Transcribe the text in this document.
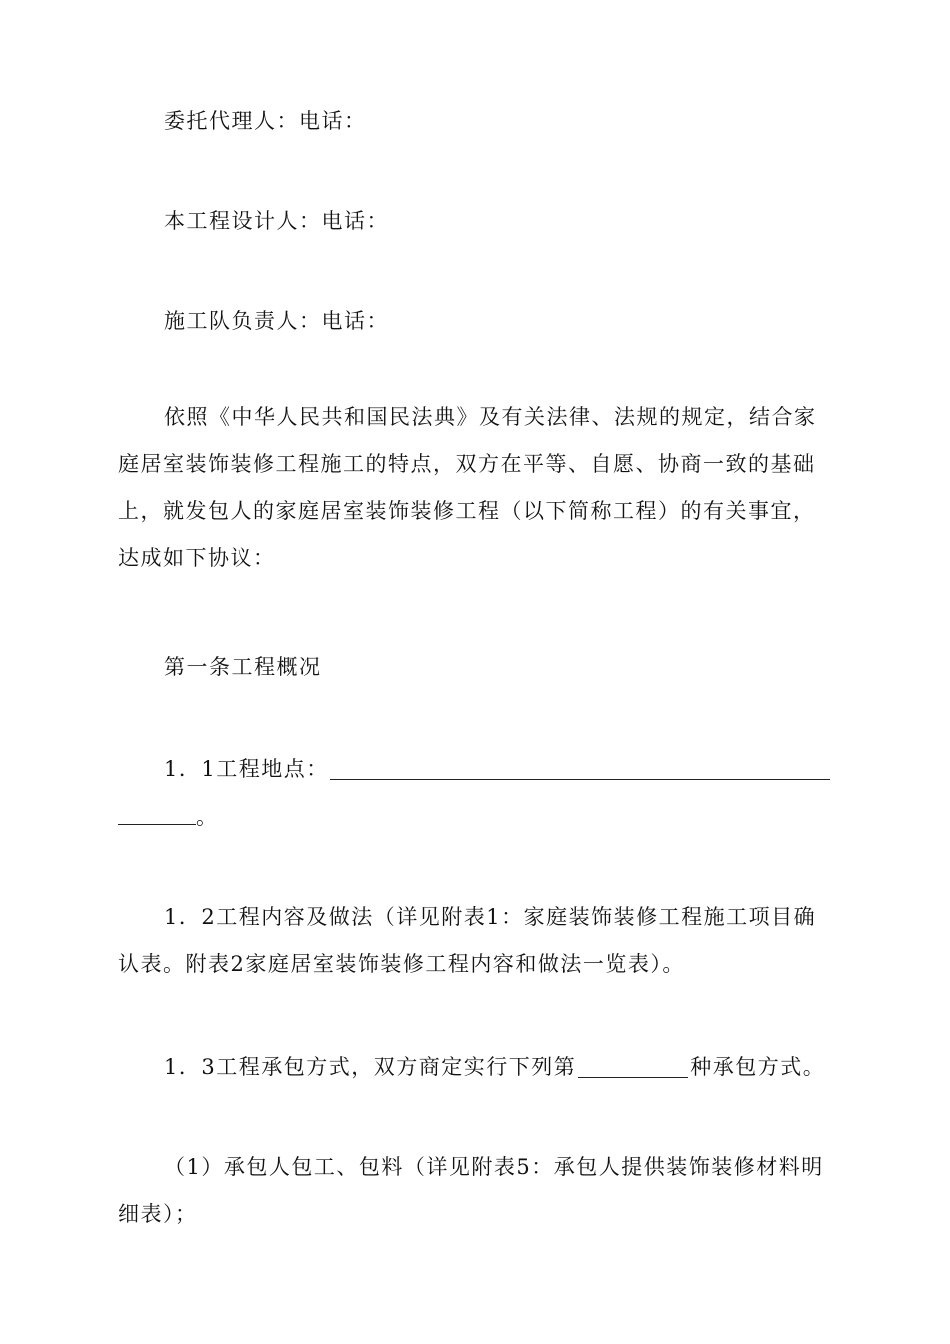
委托代理人：电话：
本工程设计人：电话：
施工队负责人：电话：
依照《中华人民共和国民法典》及有关法律、法规的规定，结合家庭居室装饰装修工程施工的特点，双方在平等、自愿、协商一致的基础上，就发包人的家庭居室装饰装修工程（以下简称工程）的有关事宜，达成如下协议：
第一条工程概况
1．1工程地点：
。
1．2工程内容及做法（详见附表1：家庭装饰装修工程施工项目确认表。附表2家庭居室装饰装修工程内容和做法一览表）。
1．3工程承包方式，双方商定实行下列第	种承包方式。
（1）承包人包工、包料（详见附表5：承包人提供装饰装修材料明细表）；
